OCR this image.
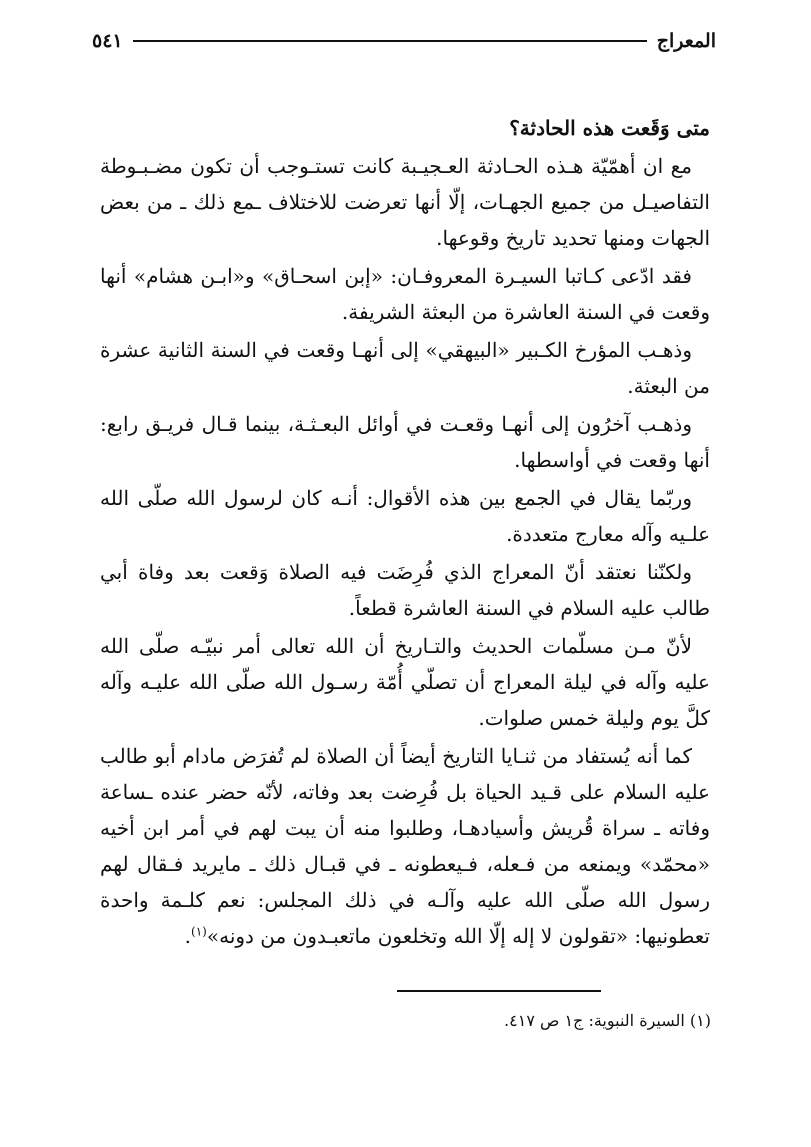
المعراج
٥٤١
متى وَقَعت هذه الحادثة؟

مع ان أهمّيّة هـذه الحـادثة العـجيـبة كانت تستـوجب أن تكون مضـبـوطة التفاصيـل من جميع الجهـات، إلّا أنها تعرضت للاختلاف ـمع ذلك ـ من بعض الجهات ومنها تحديد تاريخ وقوعها.

فقد ادّعى كـاتبا السيـرة المعروفـان: «إبن اسحـاق» و«ابـن هشام» أنها وقعت في السنة العاشرة من البعثة الشريفة.

وذهـب المؤرخ الكـبير «البيهقي» إلى أنهـا وقعت في السنة الثانية عشرة من البعثة.

وذهـب آخرُون إلى أنهـا وقعـت في أوائل البعـثـة، بينما قـال فريـق رابع: أنها وقعت في أواسطها.

وربّما يقال في الجمع بين هذه الأقوال: أنـه كان لرسول الله صلّى الله علـيه وآله معارج متعددة.

ولكنّنا نعتقد أنّ المعراج الذي فُرِضَت فيه الصلاة وَقعت بعد وفاة أبي طالب عليه السلام في السنة العاشرة قطعاً.

لأنّ مـن مسلّمات الحديث والتـاريخ أن الله تعالى أمر نبيّـه صلّى الله عليه وآله في ليلة المعراج أن تصلّي أُمّة رسـول الله صلّى الله عليـه وآله كلَّ يوم وليلة خمس صلوات.

كما أنه يُستفاد من ثنـايا التاريخ أيضاً أن الصلاة لم تُفرَض مادام أبو طالب عليه السلام على قـيد الحياة بل فُرِضت بعد وفاته، لأنّه حضر عنده ـساعة وفاته ـ سراة قُريش وأسيادهـا، وطلبوا منه أن يبت لهم في أمر ابن أخيه «محمّد» ويمنعه من فـعله، فـيعطونه ـ في قبـال ذلك ـ مايريد فـقال لهم رسول الله صلّى الله عليه وآلـه في ذلك المجلس: نعم كلـمة واحدة تعطونيها: «تقولون لا إله إلّا الله وتخلعون ماتعبـدون من دونه»$^{(١)}$.

(١) السيرة النبوية: ج١ ص ٤١٧.
